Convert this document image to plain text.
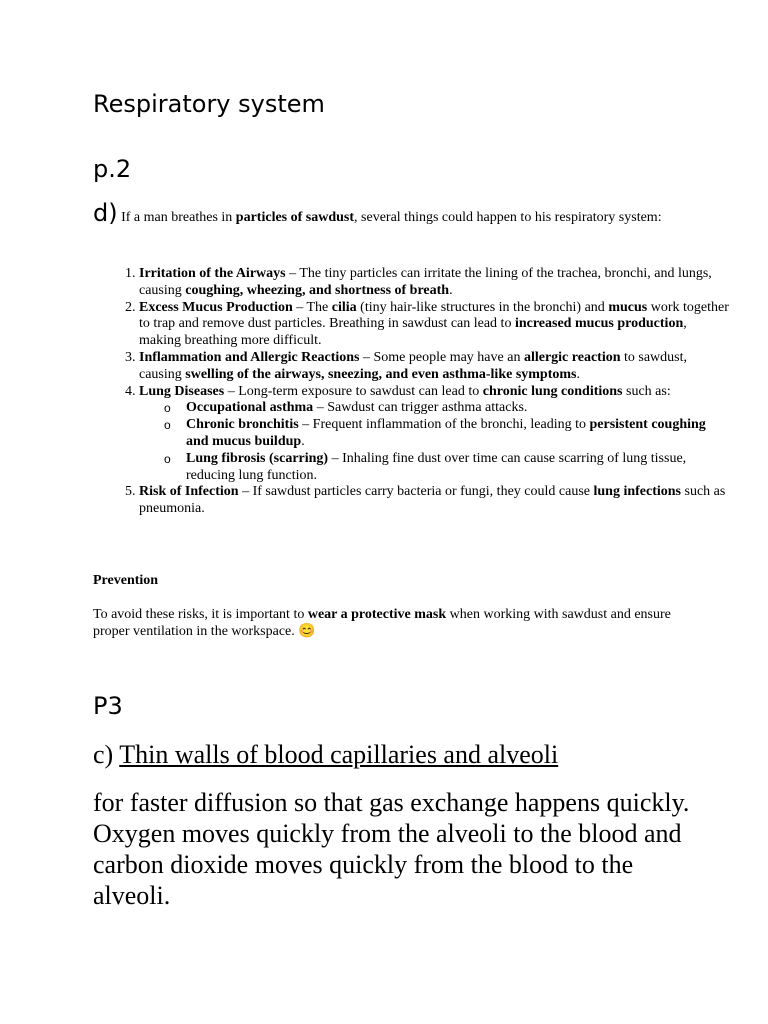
Respiratory system
p.2

d) If a man breathes in particles of sawdust, several things could happen to his respiratory system:

1. Irritation of the Airways – The tiny particles can irritate the lining of the trachea, bronchi, and lungs, causing coughing, wheezing, and shortness of breath.
2. Excess Mucus Production – The cilia (tiny hair-like structures in the bronchi) and mucus work together to trap and remove dust particles. Breathing in sawdust can lead to increased mucus production, making breathing more difficult.
3. Inflammation and Allergic Reactions – Some people may have an allergic reaction to sawdust, causing swelling of the airways, sneezing, and even asthma-like symptoms.
4. Lung Diseases – Long-term exposure to sawdust can lead to chronic lung conditions such as:
o Occupational asthma – Sawdust can trigger asthma attacks.
o Chronic bronchitis – Frequent inflammation of the bronchi, leading to persistent coughing and mucus buildup.
o Lung fibrosis (scarring) – Inhaling fine dust over time can cause scarring of lung tissue, reducing lung function.
5. Risk of Infection – If sawdust particles carry bacteria or fungi, they could cause lung infections such as pneumonia.

Prevention

To avoid these risks, it is important to wear a protective mask when working with sawdust and ensure proper ventilation in the workspace. 😊

P3

c) Thin walls of blood capillaries and alveoli

for faster diffusion so that gas exchange happens quickly. Oxygen moves quickly from the alveoli to the blood and carbon dioxide moves quickly from the blood to the alveoli.
